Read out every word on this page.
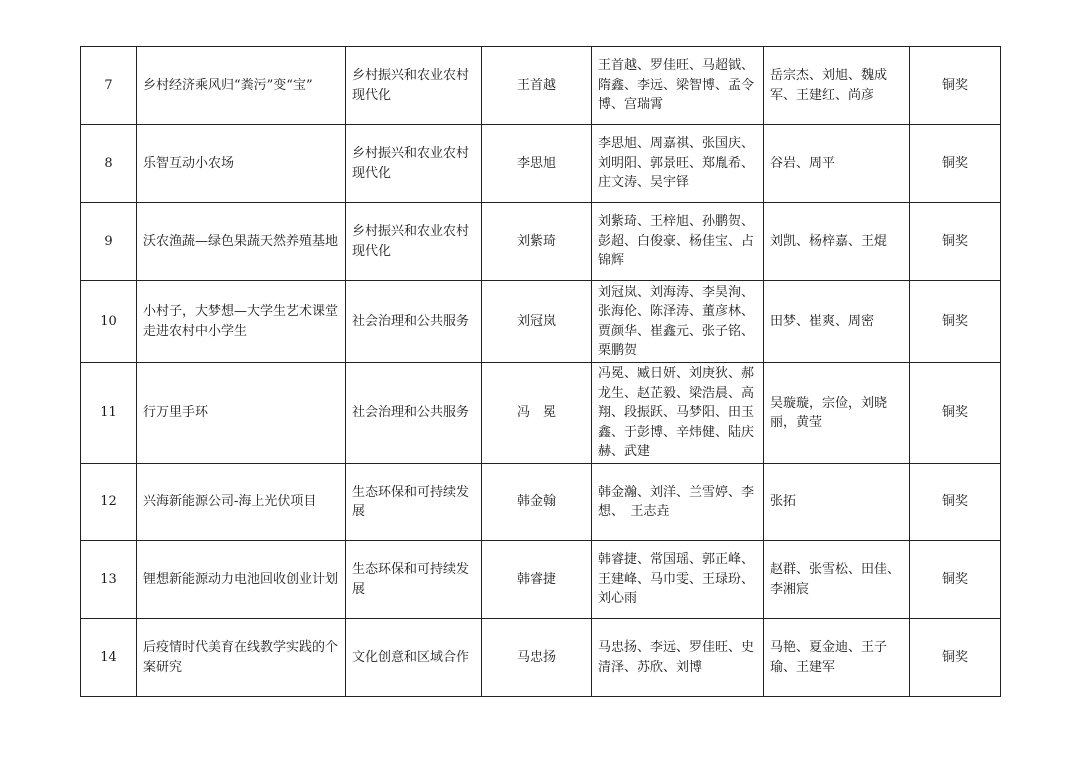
7	乡村经济乘风归“粪污”变“宝”	乡村振兴和农业农村现代化	王首越	王首越、罗佳旺、马超钺、隋鑫、李远、梁智博、孟令博、宫瑞霄	岳宗杰、刘旭、魏成军、王建红、尚彦	铜奖
8	乐智互动小农场	乡村振兴和农业农村现代化	李思旭	李思旭、周嘉祺、张国庆、刘明阳、郭景旺、郑胤希、庄文涛、吴宇铎	谷岩、周平	铜奖
9	沃农渔蔬—绿色果蔬天然养殖基地	乡村振兴和农业农村现代化	刘紫琦	刘紫琦、王梓旭、孙鹏贺、彭超、白俊豪、杨佳宝、占锦辉	刘凯、杨梓嘉、王焜	铜奖
10	小村子，大梦想—大学生艺术课堂走进农村中小学生	社会治理和公共服务	刘冠岚	刘冠岚、刘海涛、李昊洵、张海伦、陈泽涛、董彦林、贾颜华、崔鑫元、张子铭、栗鹏贺	田梦、崔爽、周密	铜奖
11	行万里手环	社会治理和公共服务	冯　冕	冯冕、臧日妍、刘庚狄、郝龙生、赵芷毅、梁浩晨、高翔、段振跃、马梦阳、田玉鑫、于彭博、辛炜健、陆庆赫、武建	吴璇璇，宗俭，刘晓丽，黄莹	铜奖
12	兴海新能源公司-海上光伏项目	生态环保和可持续发展	韩金翰	韩金瀚、刘洋、兰雪婷、李想、　王志垚	张拓	铜奖
13	锂想新能源动力电池回收创业计划	生态环保和可持续发展	韩睿捷	韩睿捷、常国瑶、郭正峰、王建峰、马巾雯、王琭玢、刘心雨	赵群、张雪松、田佳、李湘宸	铜奖
14	后疫情时代美育在线教学实践的个案研究	文化创意和区域合作	马忠扬	马忠扬、李远、罗佳旺、史清泽、苏欣、刘博	马艳、夏金迪、王子瑜、王建军	铜奖
